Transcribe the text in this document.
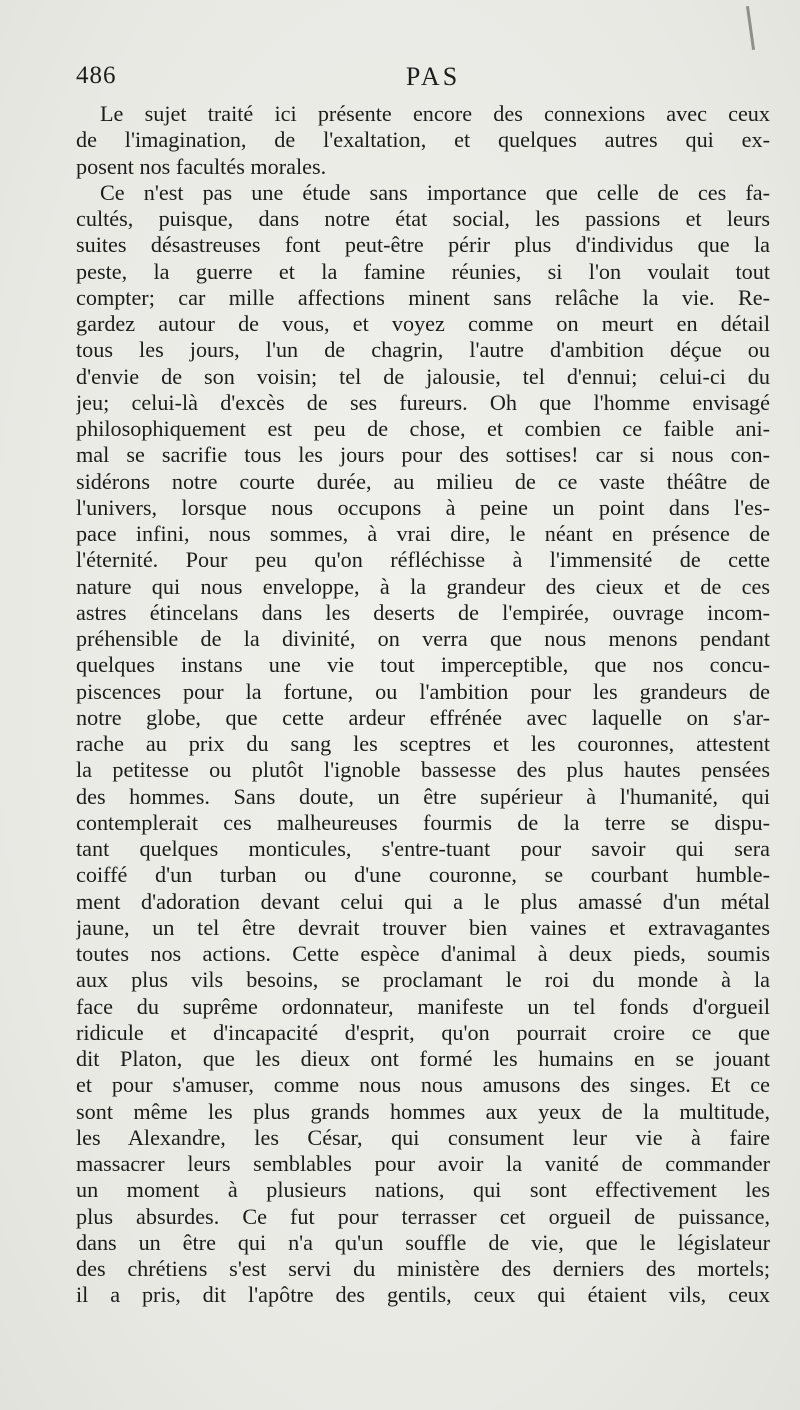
486	PAS
Le sujet traité ici présente encore des connexions avec ceux
de l'imagination, de l'exaltation, et quelques autres qui ex-
posent nos facultés morales.
Ce n'est pas une étude sans importance que celle de ces fa-
cultés, puisque, dans notre état social, les passions et leurs
suites désastreuses font peut-être périr plus d'individus que la
peste, la guerre et la famine réunies, si l'on voulait tout
compter; car mille affections minent sans relâche la vie. Re-
gardez autour de vous, et voyez comme on meurt en détail
tous les jours, l'un de chagrin, l'autre d'ambition déçue ou
d'envie de son voisin; tel de jalousie, tel d'ennui; celui-ci du
jeu; celui-là d'excès de ses fureurs. Oh que l'homme envisagé
philosophiquement est peu de chose, et combien ce faible ani-
mal se sacrifie tous les jours pour des sottises! car si nous con-
sidérons notre courte durée, au milieu de ce vaste théâtre de
l'univers, lorsque nous occupons à peine un point dans l'es-
pace infini, nous sommes, à vrai dire, le néant en présence de
l'éternité. Pour peu qu'on réfléchisse à l'immensité de cette
nature qui nous enveloppe, à la grandeur des cieux et de ces
astres étincelans dans les deserts de l'empirée, ouvrage incom-
préhensible de la divinité, on verra que nous menons pendant
quelques instans une vie tout imperceptible, que nos concu-
piscences pour la fortune, ou l'ambition pour les grandeurs de
notre globe, que cette ardeur effrénée avec laquelle on s'ar-
rache au prix du sang les sceptres et les couronnes, attestent
la petitesse ou plutôt l'ignoble bassesse des plus hautes pensées
des hommes. Sans doute, un être supérieur à l'humanité, qui
contemplerait ces malheureuses fourmis de la terre se dispu-
tant quelques monticules, s'entre-tuant pour savoir qui sera
coiffé d'un turban ou d'une couronne, se courbant humble-
ment d'adoration devant celui qui a le plus amassé d'un métal
jaune, un tel être devrait trouver bien vaines et extravagantes
toutes nos actions. Cette espèce d'animal à deux pieds, soumis
aux plus vils besoins, se proclamant le roi du monde à la
face du suprême ordonnateur, manifeste un tel fonds d'orgueil
ridicule et d'incapacité d'esprit, qu'on pourrait croire ce que
dit Platon, que les dieux ont formé les humains en se jouant
et pour s'amuser, comme nous nous amusons des singes. Et ce
sont même les plus grands hommes aux yeux de la multitude,
les Alexandre, les César, qui consument leur vie à faire
massacrer leurs semblables pour avoir la vanité de commander
un moment à plusieurs nations, qui sont effectivement les
plus absurdes. Ce fut pour terrasser cet orgueil de puissance,
dans un être qui n'a qu'un souffle de vie, que le législateur
des chrétiens s'est servi du ministère des derniers des mortels;
il a pris, dit l'apôtre des gentils, ceux qui étaient vils, ceux
